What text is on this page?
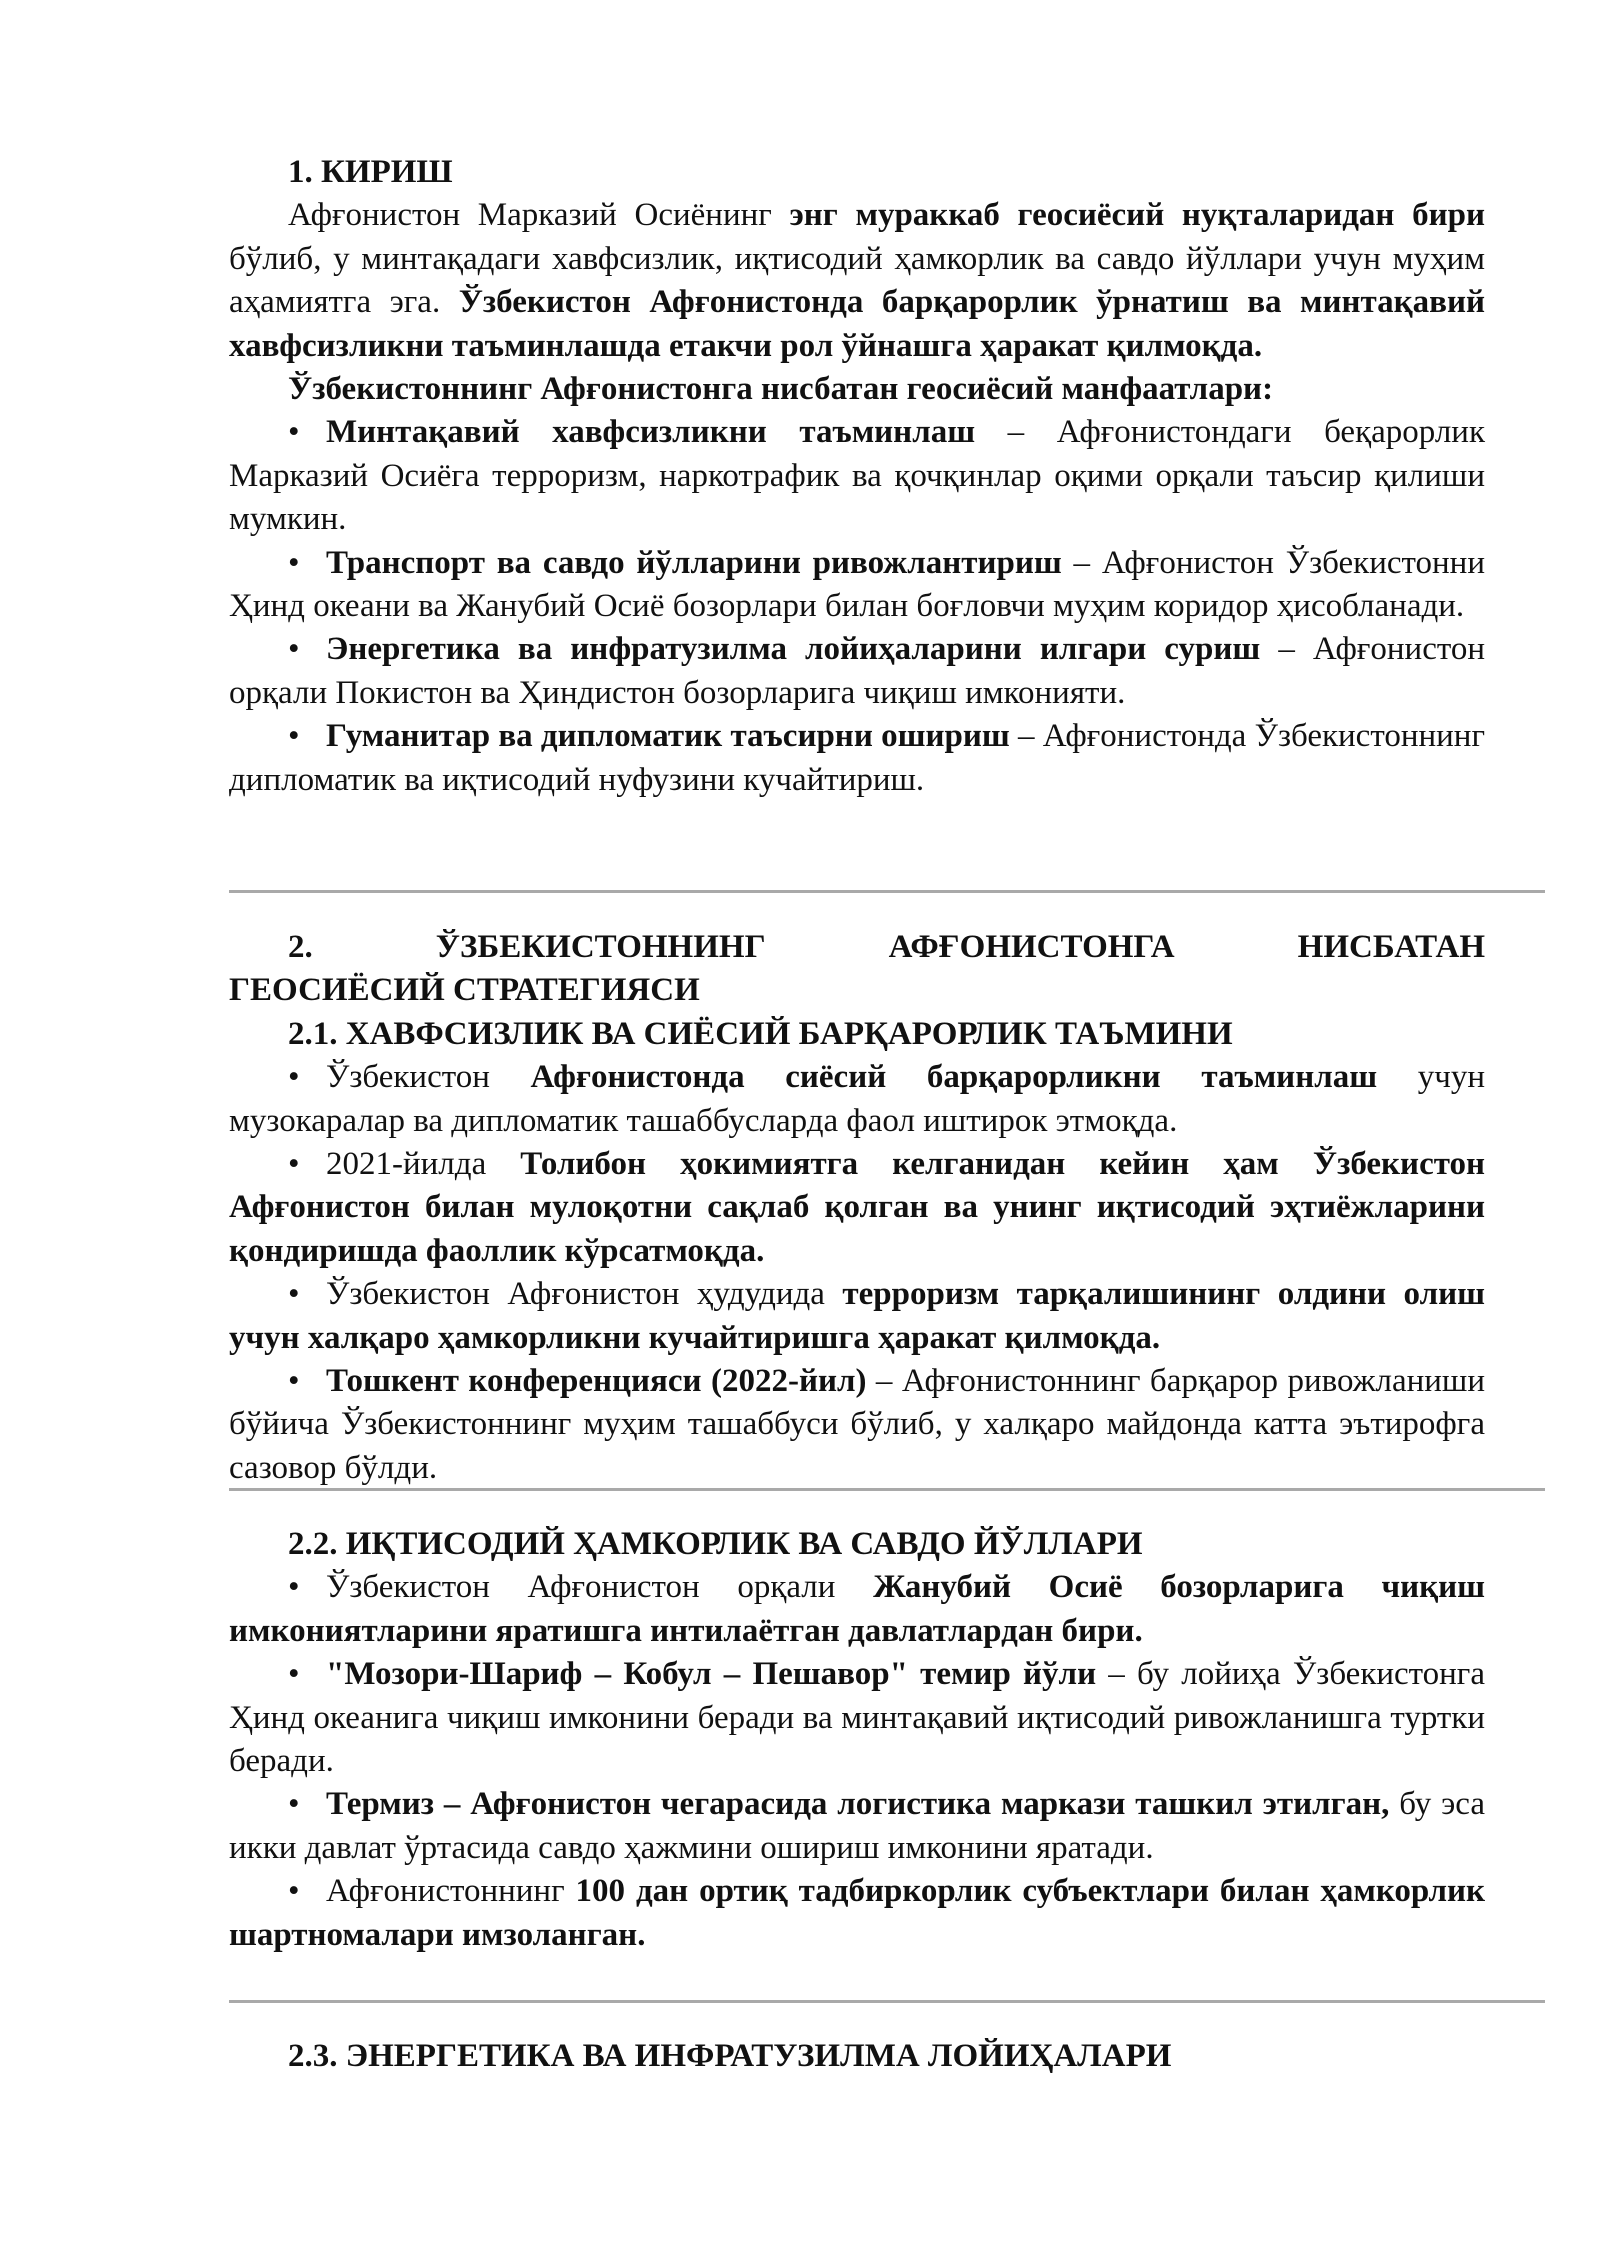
1. КИРИШ

Афғонистон Марказий Осиёнинг энг мураккаб геосиёсий нуқталаридан бири бўлиб, у минтақадаги хавфсизлик, иқтисодий ҳамкорлик ва савдо йўллари учун муҳим аҳамиятга эга. Ўзбекистон Афғонистонда барқарорлик ўрнатиш ва минтақавий хавфсизликни таъминлашда етакчи рол ўйнашга ҳаракат қилмоқда.

Ўзбекистоннинг Афғонистонга нисбатан геосиёсий манфаатлари:

• Минтақавий хавфсизликни таъминлаш – Афғонистондаги беқарорлик Марказий Осиёга терроризм, наркотрафик ва қочқинлар оқими орқали таъсир қилиши мумкин.

• Транспорт ва савдо йўлларини ривожлантириш – Афғонистон Ўзбекистонни Ҳинд океани ва Жанубий Осиё бозорлари билан боғловчи муҳим коридор ҳисобланади.

• Энергетика ва инфратузилма лойиҳаларини илгари суриш – Афғонистон орқали Покистон ва Ҳиндистон бозорларига чиқиш имконияти.

• Гуманитар ва дипломатик таъсирни ошириш – Афғонистонда Ўзбекистоннинг дипломатик ва иқтисодий нуфузини кучайтириш.

2. ЎЗБЕКИСТОННИНГ АФҒОНИСТОНГА НИСБАТАН

ГЕОСИЁСИЙ СТРАТЕГИЯСИ

2.1. ХАВФСИЗЛИК ВА СИЁСИЙ БАРҚАРОРЛИК ТАЪМИНИ

• Ўзбекистон Афғонистонда сиёсий барқарорликни таъминлаш учун музокаралар ва дипломатик ташаббусларда фаол иштирок этмоқда.

• 2021-йилда Толибон ҳокимиятга келганидан кейин ҳам Ўзбекистон Афғонистон билан мулоқотни сақлаб қолган ва унинг иқтисодий эҳтиёжларини қондиришда фаоллик кўрсатмоқда.

• Ўзбекистон Афғонистон ҳудудида терроризм тарқалишининг олдини олиш учун халқаро ҳамкорликни кучайтиришга ҳаракат қилмоқда.

• Тошкент конференцияси (2022-йил) – Афғонистоннинг барқарор ривожланиши бўйича Ўзбекистоннинг муҳим ташаббуси бўлиб, у халқаро майдонда катта эътирофга сазовор бўлди.

2.2. ИҚТИСОДИЙ ҲАМКОРЛИК ВА САВДО ЙЎЛЛАРИ

• Ўзбекистон Афғонистон орқали Жанубий Осиё бозорларига чиқиш имкониятларини яратишга интилаётган давлатлардан бири.

• "Мозори-Шариф – Кобул – Пешавор" темир йўли – бу лойиҳа Ўзбекистонга Ҳинд океанига чиқиш имконини беради ва минтақавий иқтисодий ривожланишга туртки беради.

• Термиз – Афғонистон чегарасида логистика маркази ташкил этилган, бу эса икки давлат ўртасида савдо ҳажмини ошириш имконини яратади.

• Афғонистоннинг 100 дан ортиқ тадбиркорлик субъектлари билан ҳамкорлик шартномалари имзоланган.

2.3. ЭНЕРГЕТИКА ВА ИНФРАТУЗИЛМА ЛОЙИҲАЛАРИ
